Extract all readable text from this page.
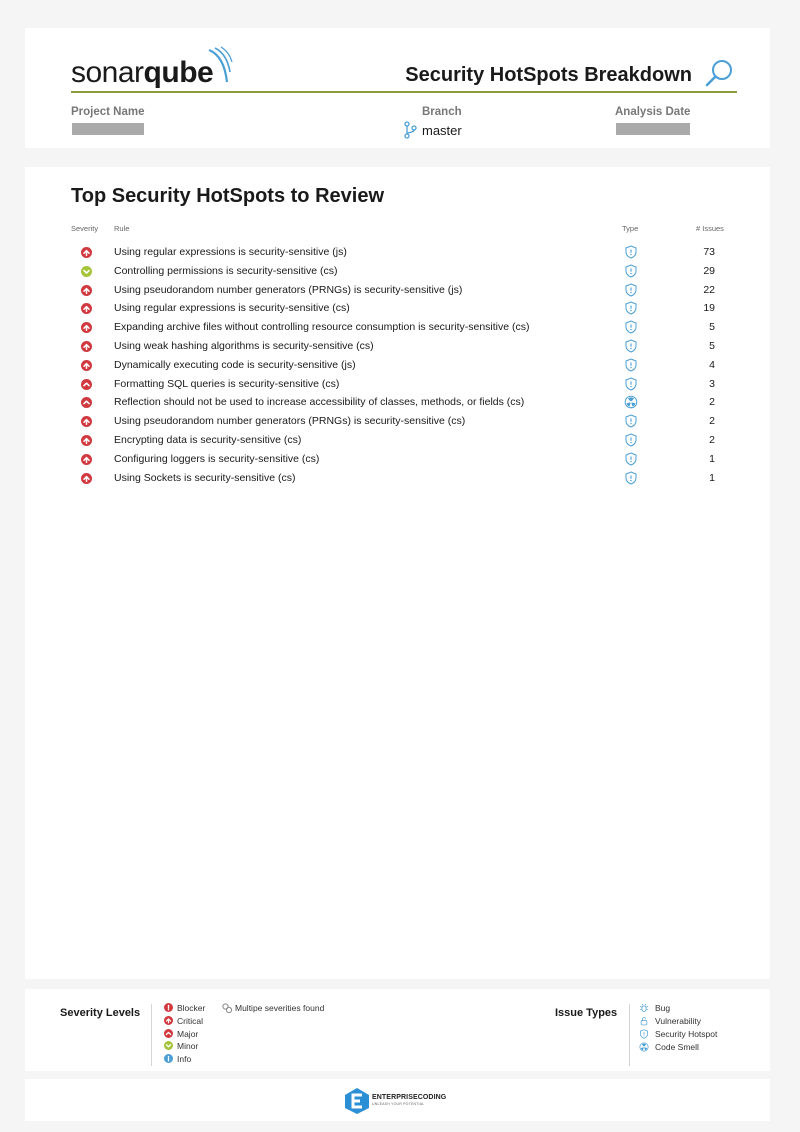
sonarqube	Security HotSpots Breakdown
Project Name	Branch
master
Analysis Date
Top Security HotSpots to Review
Severity Rule	Type	# Issues
Using regular expressions is security-sensitive (js)	73
Controlling permissions is security-sensitive (cs)	29
Using pseudorandom number generators (PRNGs) is security-sensitive (js)	22
Using regular expressions is security-sensitive (cs)	19
Expanding archive files without controlling resource consumption is security-sensitive (cs)	5
Using weak hashing algorithms is security-sensitive (cs)	5
Dynamically executing code is security-sensitive (js)	4
Formatting SQL queries is security-sensitive (cs)	3
Reflection should not be used to increase accessibility of classes, methods, or fields (cs)	2
Using pseudorandom number generators (PRNGs) is security-sensitive (cs)	2
Encrypting data is security-sensitive (cs)	2
Configuring loggers is security-sensitive (cs)	1
Using Sockets is security-sensitive (cs)	1
Severity Levels	Blocker
Critical
Major
Minor
Info
Multipe severities found	Issue Types	Bug
Vulnerability
Security Hotspot
Code Smell
ENTERPRISECODING
UNLEASH YOUR POTENTIAL
